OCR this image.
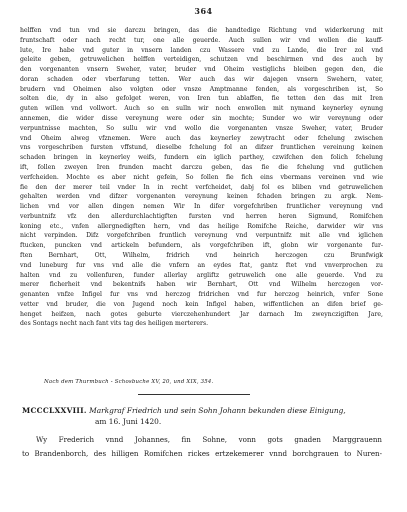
364
helffen vnd tun vnd sie darczu bringen, das die handtedige Richtung vnd widerkerung mit
fruntschaft oder nach recht tur, one alle geuerde. Auch sullen wir vnd wollen die kauff-
lute, Ire habe vnd guter in vnsern landen czu Wassere vnd zu Lande, die Irer zol vnd
geleite geben, getruwelichen helffen verteidigen, schutzen vnd beschirmen vnd des auch by
den vorgenanten vnsern Sweher, vater, bruder vnd Oheim vestiglichs bleiben gegen den, die
doran schaden oder vberfarung tetten. Wer auch das wir dajegen vnsern Swehern, vater,
brudern vnd Oheimen also volgten oder vnsze Amptmanne fenden, als vorgeschriben ist, So
solten die, dy in also gefolget weren, von Iren tun ablaffen, fie tetten den das mit Iren
guten willen vnd vollwort. Auch so en sulln wir noch enwollen mit nymand keynerley eynung
annemen, die wider disse vereynung were oder sin mochte; Sunder wo wir vereynung oder
verpuntnisse machten, So sullu wir vnd wollo die vorgenanten vnsze Sweher, vater, Bruder
vnd Oheim alweg vfznemen. Were auch das keynerley zewytracht oder fchelung zwischen
vns vorgeschriben fursten vffstund, dieselbe fchelung fol an difzer fruntlichen vereinung keinen
schaden bringen in keynerley weifs, fundern ein iglich parthey, czwifchen den folich fchelung
ift, follen zweyen Iren frunden macht darczu geben, das fie die fchelung vnd gutlichen
verfcheiden. Mochte es aber nicht gefein, So follen fie fich eins vbermans vereinen vnd wie
fie den der merer teil vnder In in recht verfcheidet, dabj fol es bliben vnd getruwelichen
gehalten werden vnd difzer vorgenanten vereynung keinen fchaden bringen zu argk. Nem-
lichen vnd vor allen dingen nemen Wir In difer vorgefchriben fruntlicher vereynung vnd
verbuntnifz vfz den allerdurchlachtigften fursten vnd herren heren Sigmund, Romifchen
koning etc., vnfen allergnedigften hern, vnd das heilige Romifche Reiche, darwider wir vns
nicht verpinden. Difz vorgefchriben fruntlich vereynung vnd verpuntnifz mit alle vnd iglichen
ftucken, puncken vnd artickeln befundern, als vorgefchriben ift, globn wir vorgenante fur-
ften Bernhart, Ott, Wilhelm, fridrich vnd heinrich herczogen czu Brunfwigk
vnd luneburg fur vns vnd alle die vnfern an eydes ftat, gantz ftet vnd vnverprochen zu
halten vnd zu vollenfuren, funder allerlay argliftz getruwelich one alle geuerde. Vnd zu
merer ficherheit vnd bekentnifs haben wir Bernhart, Ott vnd Wilhelm herczogen vor-
genanten vnfze Infigel fur vns vnd herczog fridrichen vnd fur herczog heinrich, vnfer Sone
vetter vnd bruder, die von Jugend noch kein Infigel haben, wiffentlichen an difen brief ge-
henget heifzen, nach gotes geburte vierczehenhundert Jar darnach Im zweynczigiften Jare,
des Sontags necht nach fant vits tag des heiligen merterers.
Nach dem Thurmbuch - Schosbuche XV, 20, und XIX, 354.
MCCCLXXVIII. Markgraf Friedrich und sein Sohn Johann bekunden diese Einigung,
am 16. Juni 1420.
Wy Frederich vnnd Johannes, fin Sohne, vonn gots gnaden Marggrauenn
to Brandenborch, des hilligen Romifchen rickes ertzekemerer vnnd borchgrauen to Nuren-
